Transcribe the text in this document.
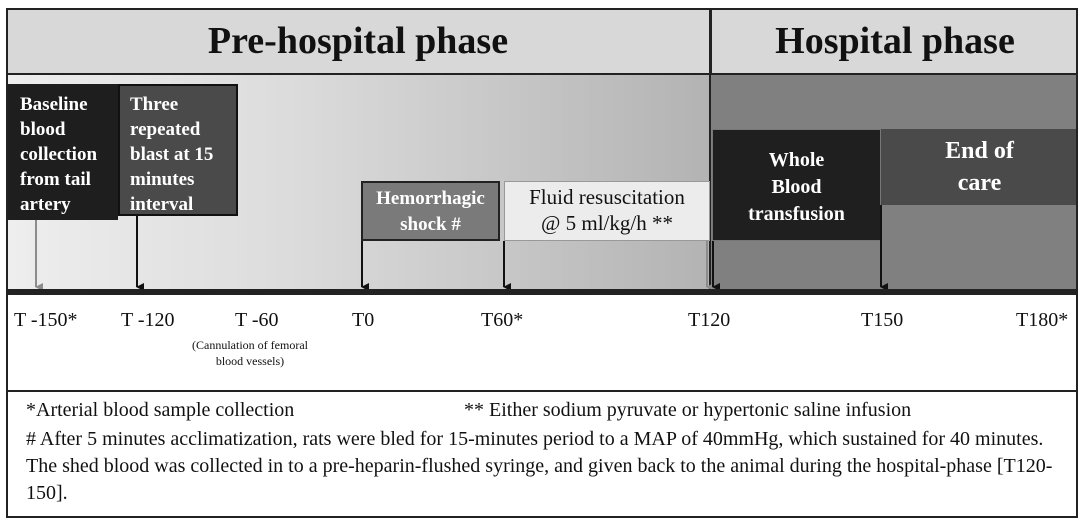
Pre-hospital phase	Hospital phase
Baseline
blood
collection
from tail
artery
Three
repeated
blast at 15
minutes
interval	Hemorrhagic
shock #
Fluid resuscitation
@ 5 ml/kg/h **
Whole
Blood
transfusion
End of
care
T -150* T -120	T -60	T0	T60*	T120	T150	T180*
(Cannulation of femoral blood vessels)
*Arterial blood sample collection	** Either sodium pyruvate or hypertonic saline infusion
# After 5 minutes acclimatization, rats were bled for 15-minutes period to a MAP of 40mmHg, which sustained for 40 minutes. The shed blood was collected in to a pre-heparin-flushed syringe, and given back to the animal during the hospital-phase [T120-150].
